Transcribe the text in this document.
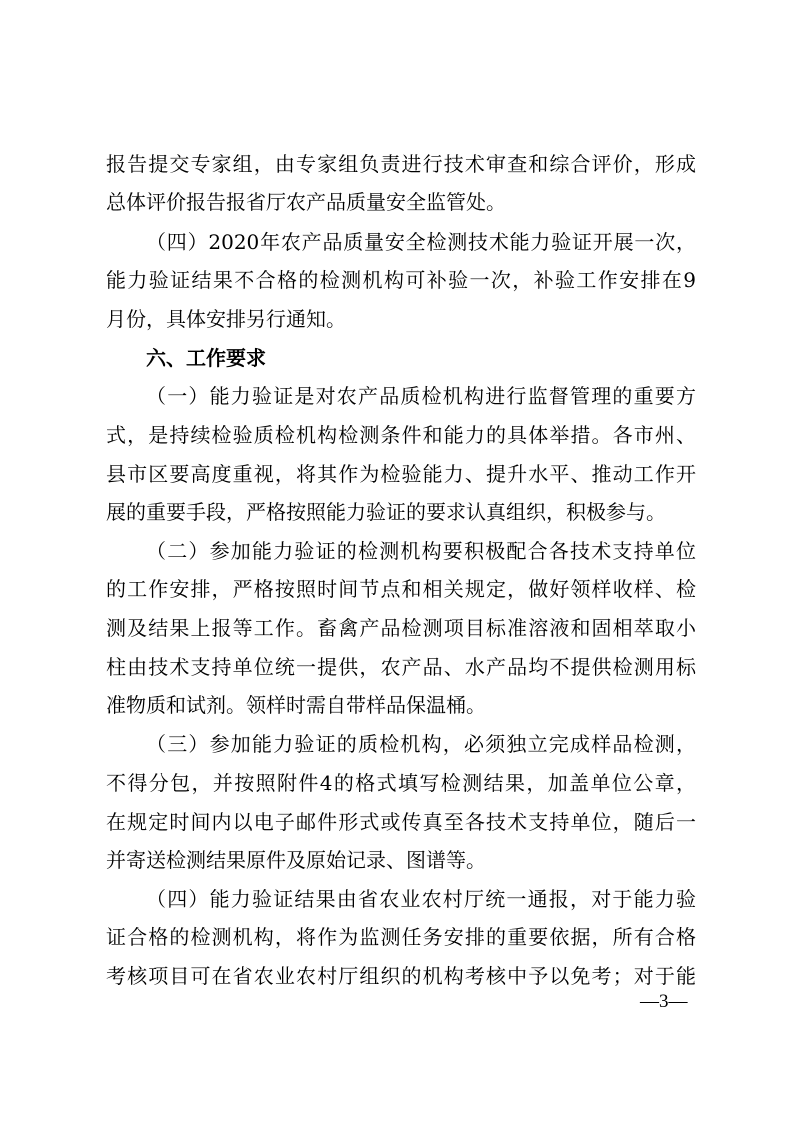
报告提交专家组，由专家组负责进行技术审查和综合评价，形成
总体评价报告报省厅农产品质量安全监管处。
（四）2020年农产品质量安全检测技术能力验证开展一次，
能力验证结果不合格的检测机构可补验一次，补验工作安排在9
月份，具体安排另行通知。
六、工作要求
（一）能力验证是对农产品质检机构进行监督管理的重要方
式，是持续检验质检机构检测条件和能力的具体举措。各市州、
县市区要高度重视，将其作为检验能力、提升水平、推动工作开
展的重要手段，严格按照能力验证的要求认真组织，积极参与。
（二）参加能力验证的检测机构要积极配合各技术支持单位
的工作安排，严格按照时间节点和相关规定，做好领样收样、检
测及结果上报等工作。畜禽产品检测项目标准溶液和固相萃取小
柱由技术支持单位统一提供，农产品、水产品均不提供检测用标
准物质和试剂。领样时需自带样品保温桶。
（三）参加能力验证的质检机构，必须独立完成样品检测，
不得分包，并按照附件4的格式填写检测结果，加盖单位公章，
在规定时间内以电子邮件形式或传真至各技术支持单位，随后一
并寄送检测结果原件及原始记录、图谱等。
（四）能力验证结果由省农业农村厅统一通报，对于能力验
证合格的检测机构，将作为监测任务安排的重要依据，所有合格
考核项目可在省农业农村厅组织的机构考核中予以免考；对于能
—3—
